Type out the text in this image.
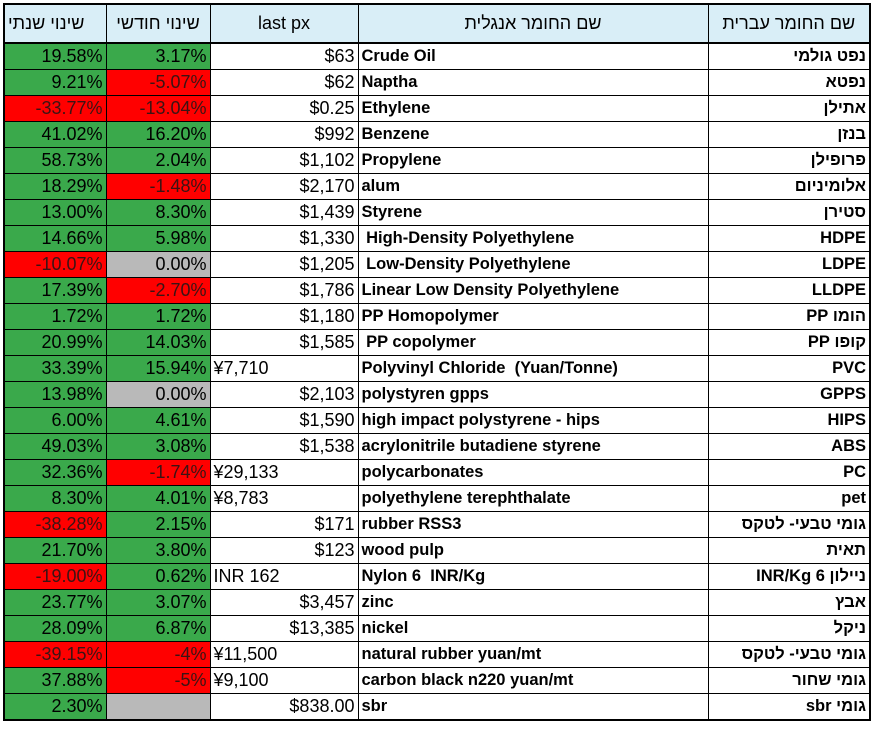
שינוי שנתי	שינוי חודשי	last px	שם החומר אנגלית	שם החומר עברית
19.58%	3.17%	$63	Crude Oil	נפט גולמי
9.21%	-5.07%	$62	Naptha	נפטא
-33.77%	-13.04%	$0.25	Ethylene	אתילן
41.02%	16.20%	$992	Benzene	בנזן
58.73%	2.04%	$1,102	Propylene	פרופילן
18.29%	-1.48%	$2,170	alum	אלומיניום
13.00%	8.30%	$1,439	Styrene	סטירן
14.66%	5.98%	$1,330	High-Density Polyethylene	HDPE
-10.07%	0.00%	$1,205	Low-Density Polyethylene	LDPE
17.39%	-2.70%	$1,786	Linear Low Density Polyethylene	LLDPE
1.72%	1.72%	$1,180	PP Homopolymer	הומו PP
20.99%	14.03%	$1,585	PP copolymer	קופו PP
33.39%	15.94%	¥7,710	Polyvinyl Chloride  (Yuan/Tonne)	PVC
13.98%	0.00%	$2,103	polystyren gpps	GPPS
6.00%	4.61%	$1,590	high impact polystyrene - hips	HIPS
49.03%	3.08%	$1,538	acrylonitrile butadiene styrene	ABS
32.36%	-1.74%	¥29,133	polycarbonates	PC
8.30%	4.01%	¥8,783	polyethylene terephthalate	pet
-38.28%	2.15%	$171	rubber RSS3	גומי טבעי- לטקס
21.70%	3.80%	$123	wood pulp	תאית
-19.00%	0.62%	INR 162	Nylon 6  INR/Kg	ניילון 6 INR/Kg
23.77%	3.07%	$3,457	zinc	אבץ
28.09%	6.87%	$13,385	nickel	ניקל
-39.15%	-4%	¥11,500	natural rubber yuan/mt	גומי טבעי- לטקס
37.88%	-5%	¥9,100	carbon black n220 yuan/mt	גומי שחור
2.30%		$838.00	sbr	גומי sbr
